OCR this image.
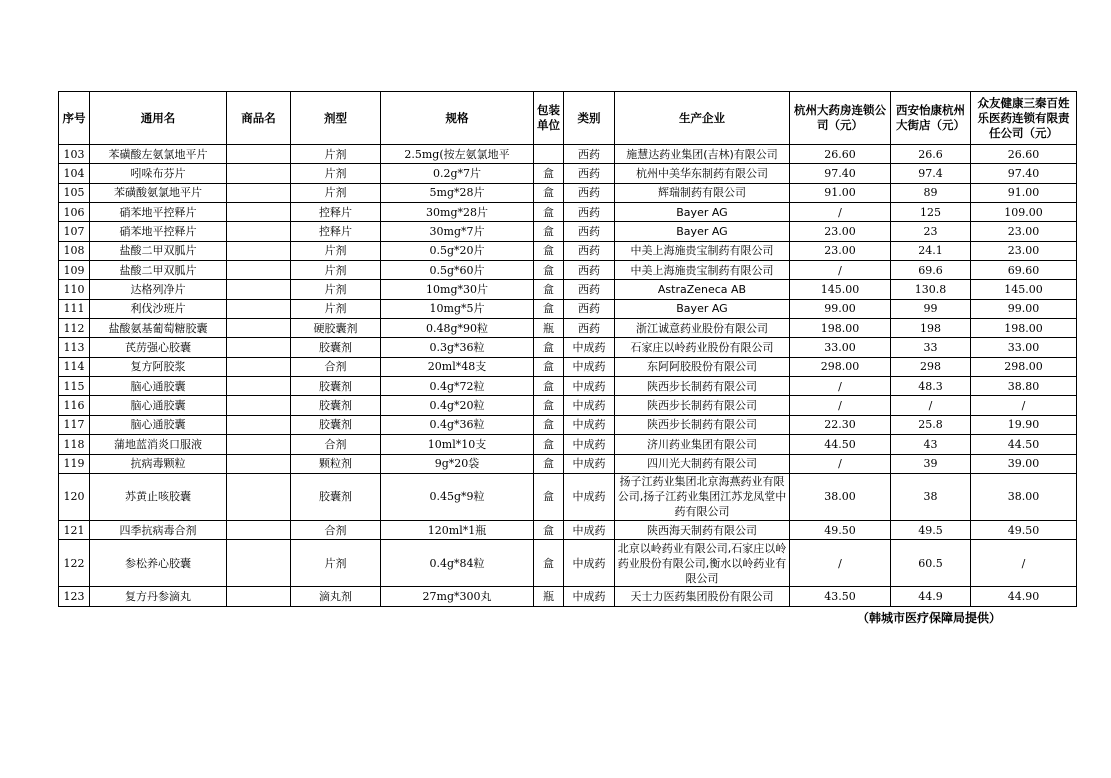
序号	通用名	商品名	剂型	规格	包装单位	类别	生产企业	杭州大药房连锁公司（元）	西安怡康杭州大街店（元）	众友健康三秦百姓乐医药连锁有限责任公司（元）
103	苯磺酸左氨氯地平片		片剂	2.5mg(按左氨氯地平		西药	施慧达药业集团(吉林)有限公司	26.60	26.6	26.60
104	吲哚布芬片		片剂	0.2g*7片	盒	西药	杭州中美华东制药有限公司	97.40	97.4	97.40
105	苯磺酸氨氯地平片		片剂	5mg*28片	盒	西药	辉瑞制药有限公司	91.00	89	91.00
106	硝苯地平控释片		控释片	30mg*28片	盒	西药	Bayer AG	/	125	109.00
107	硝苯地平控释片		控释片	30mg*7片	盒	西药	Bayer AG	23.00	23	23.00
108	盐酸二甲双胍片		片剂	0.5g*20片	盒	西药	中美上海施贵宝制药有限公司	23.00	24.1	23.00
109	盐酸二甲双胍片		片剂	0.5g*60片	盒	西药	中美上海施贵宝制药有限公司	/	69.6	69.60
110	达格列净片		片剂	10mg*30片	盒	西药	AstraZeneca AB	145.00	130.8	145.00
111	利伐沙班片		片剂	10mg*5片	盒	西药	Bayer AG	99.00	99	99.00
112	盐酸氨基葡萄糖胶囊		硬胶囊剂	0.48g*90粒	瓶	西药	浙江诚意药业股份有限公司	198.00	198	198.00
113	芪苈强心胶囊		胶囊剂	0.3g*36粒	盒	中成药	石家庄以岭药业股份有限公司	33.00	33	33.00
114	复方阿胶浆		合剂	20ml*48支	盒	中成药	东阿阿胶股份有限公司	298.00	298	298.00
115	脑心通胶囊		胶囊剂	0.4g*72粒	盒	中成药	陕西步长制药有限公司	/	48.3	38.80
116	脑心通胶囊		胶囊剂	0.4g*20粒	盒	中成药	陕西步长制药有限公司	/	/	/
117	脑心通胶囊		胶囊剂	0.4g*36粒	盒	中成药	陕西步长制药有限公司	22.30	25.8	19.90
118	蒲地蓝消炎口服液		合剂	10ml*10支	盒	中成药	济川药业集团有限公司	44.50	43	44.50
119	抗病毒颗粒		颗粒剂	9g*20袋	盒	中成药	四川光大制药有限公司	/	39	39.00
120	苏黄止咳胶囊		胶囊剂	0.45g*9粒	盒	中成药	扬子江药业集团北京海燕药业有限公司,扬子江药业集团江苏龙凤堂中药有限公司	38.00	38	38.00
121	四季抗病毒合剂		合剂	120ml*1瓶	盒	中成药	陕西海天制药有限公司	49.50	49.5	49.50
122	参松养心胶囊		片剂	0.4g*84粒	盒	中成药	北京以岭药业有限公司,石家庄以岭药业股份有限公司,衡水以岭药业有限公司	/	60.5	/
123	复方丹参滴丸		滴丸剂	27mg*300丸	瓶	中成药	天士力医药集团股份有限公司	43.50	44.9	44.90
（韩城市医疗保障局提供）
